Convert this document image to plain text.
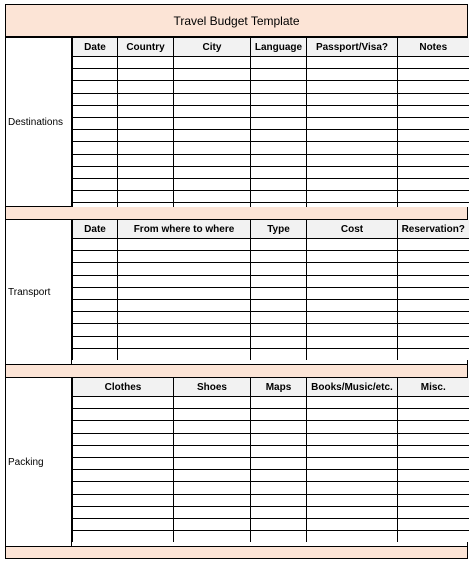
Travel Budget Template
Destinations
Date	Country	City	Language	Passport/Visa?	Notes

Transport
Date	From where to where	Type	Cost	Reservation?

Packing
Clothes	Shoes	Maps	Books/Music/etc.	Misc.
